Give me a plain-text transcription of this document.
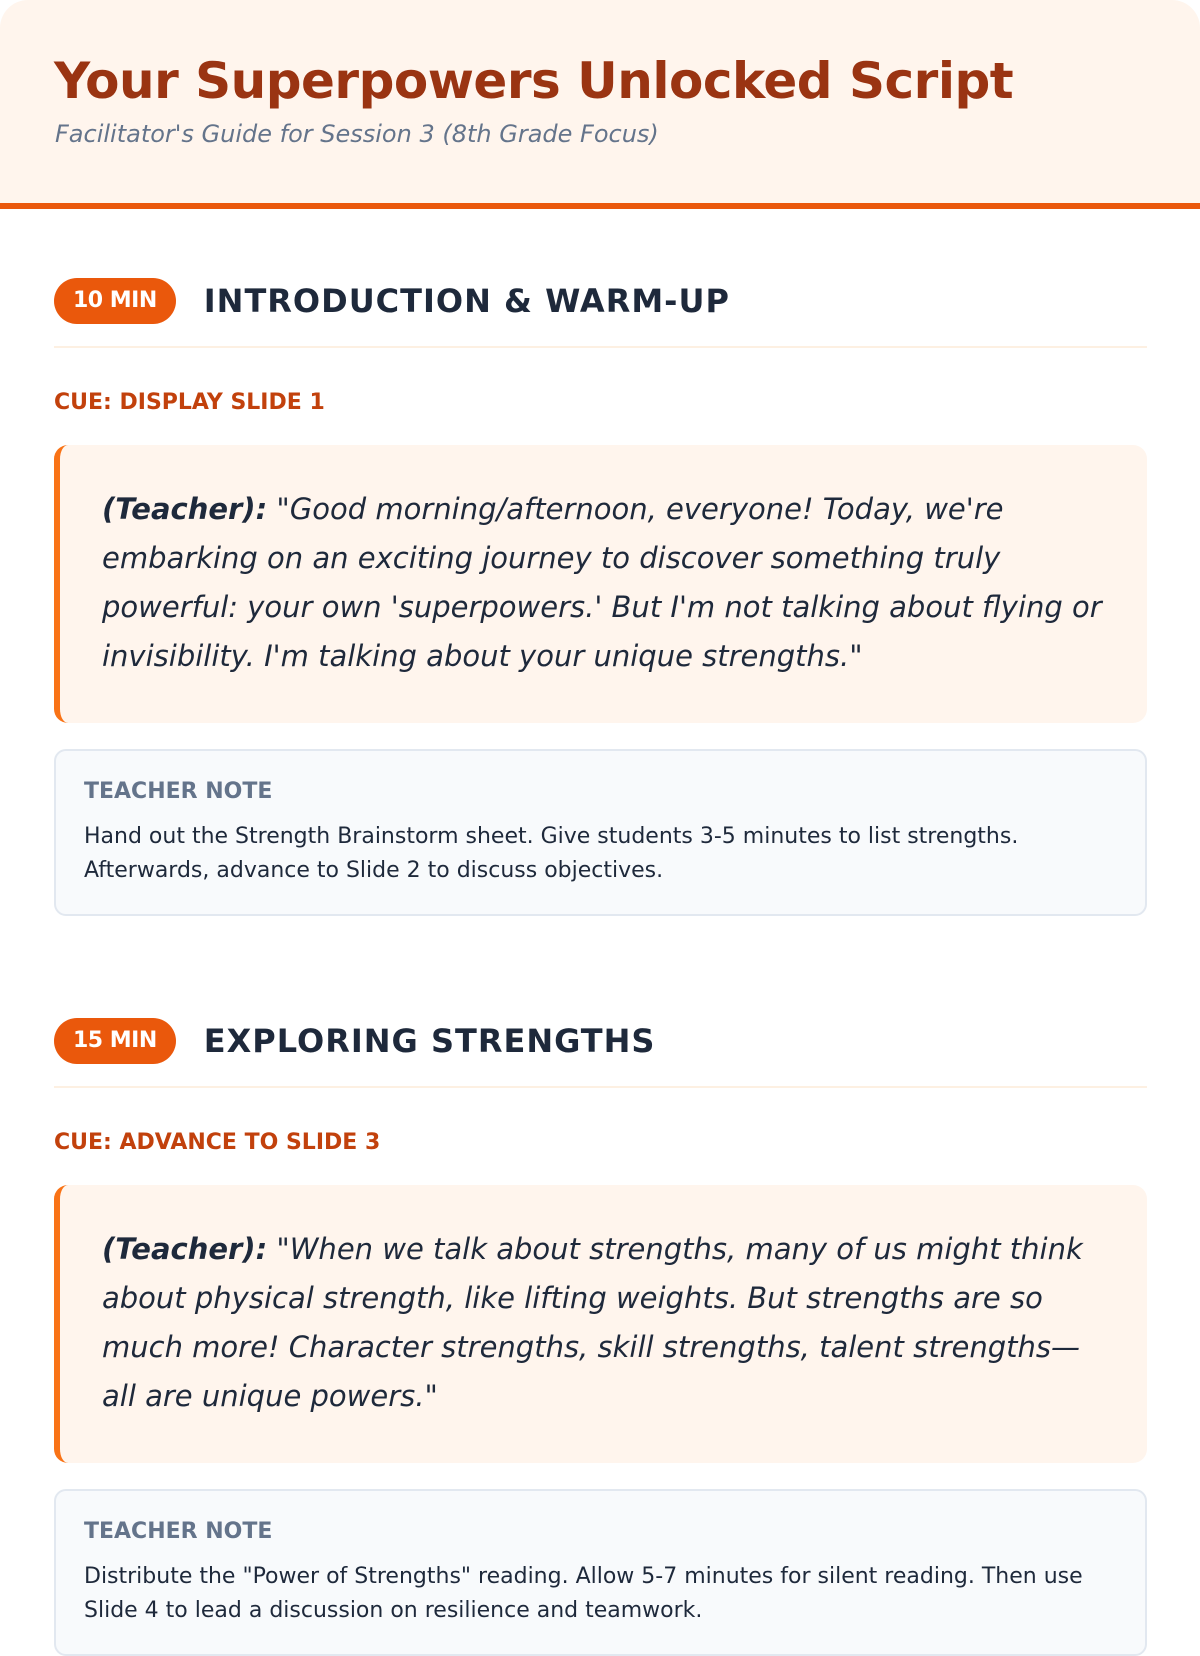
Your Superpowers Unlocked Script
Facilitator's Guide for Session 3 (8th Grade Focus)
10 MIN	INTRODUCTION & WARM-UP
CUE: DISPLAY SLIDE 1
(Teacher): "Good morning/afternoon, everyone! Today, we're embarking on an exciting journey to discover something truly powerful: your own 'superpowers.' But I'm not talking about flying or invisibility. I'm talking about your unique strengths."
TEACHER NOTE
Hand out the Strength Brainstorm sheet. Give students 3-5 minutes to list strengths. Afterwards, advance to Slide 2 to discuss objectives.
15 MIN	EXPLORING STRENGTHS
CUE: ADVANCE TO SLIDE 3
(Teacher): "When we talk about strengths, many of us might think about physical strength, like lifting weights. But strengths are so much more! Character strengths, skill strengths, talent strengths—all are unique powers."
TEACHER NOTE
Distribute the "Power of Strengths" reading. Allow 5-7 minutes for silent reading. Then use Slide 4 to lead a discussion on resilience and teamwork.
